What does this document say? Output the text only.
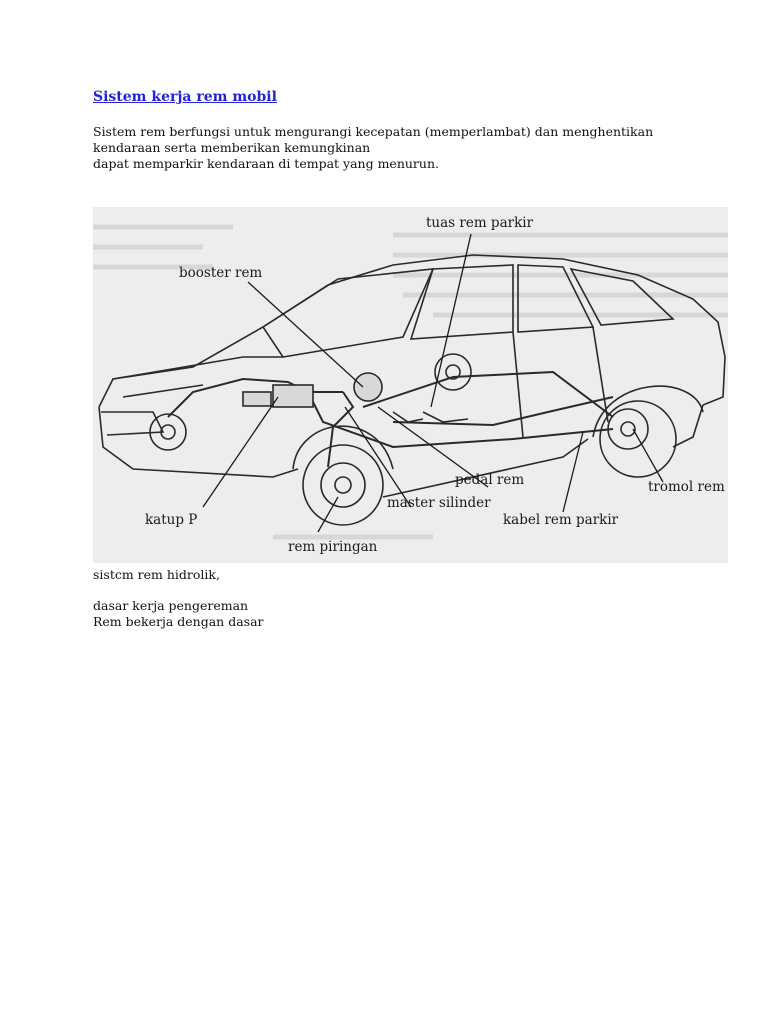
Sistem kerja rem mobil
Sistem rem berfungsi untuk mengurangi kecepatan (memperlambat) dan menghentikan
kendaraan serta memberikan kemungkinan
dapat memparkir kendaraan di tempat yang menurun.
tuas rem parkir
booster rem
pedal rem
master silinder
katup P
tromol rem
kabel rem parkir
rem piringan
sistcm rem hidrolik,
dasar kerja pengereman
Rem bekerja dengan dasar
